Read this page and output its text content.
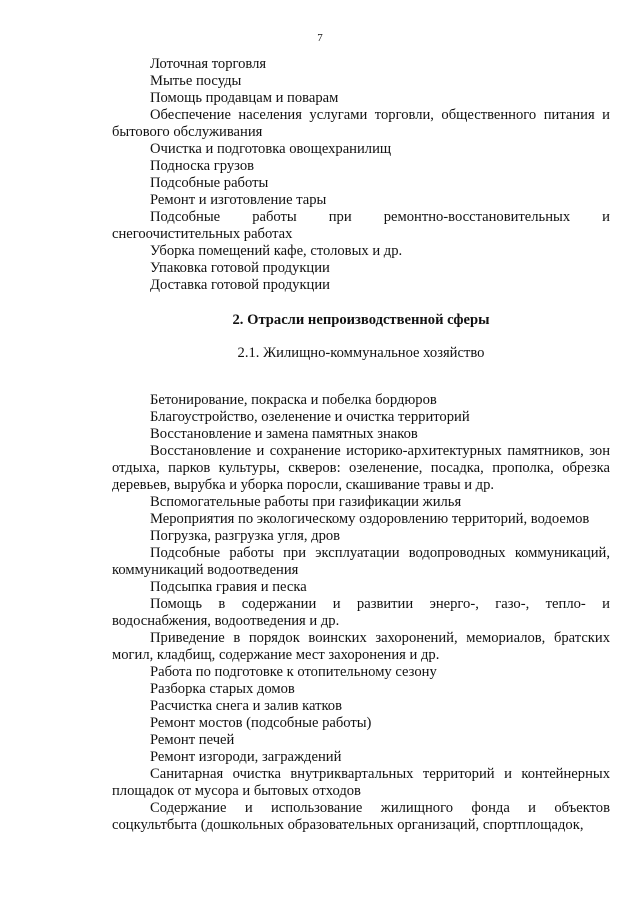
7

Лоточная торговля

Мытье посуды

Помощь продавцам и поварам

Обеспечение населения услугами торговли, общественного питания и бытового обслуживания

Очистка и подготовка овощехранилищ

Подноска грузов

Подсобные работы

Ремонт и изготовление тары

Подсобные работы при ремонтно-восстановительных и снегоочистительных работах

Уборка помещений кафе, столовых и др.

Упаковка готовой продукции

Доставка готовой продукции

2. Отрасли непроизводственной сферы

2.1. Жилищно-коммунальное хозяйство

Бетонирование, покраска и побелка бордюров

Благоустройство, озеленение и очистка территорий

Восстановление и замена памятных знаков

Восстановление и сохранение историко-архитектурных памятников, зон отдыха, парков культуры, скверов: озеленение, посадка, прополка, обрезка деревьев, вырубка и уборка поросли, скашивание травы и др.

Вспомогательные работы при газификации жилья

Мероприятия по экологическому оздоровлению территорий, водоемов

Погрузка, разгрузка угля, дров

Подсобные работы при эксплуатации водопроводных коммуникаций, коммуникаций водоотведения

Подсыпка гравия и песка

Помощь в содержании и развитии энерго-, газо-, тепло- и водоснабжения, водоотведения и др.

Приведение в порядок воинских захоронений, мемориалов, братских могил, кладбищ, содержание мест захоронения и др.

Работа по подготовке к отопительному сезону

Разборка старых домов

Расчистка снега и залив катков

Ремонт мостов (подсобные работы)

Ремонт печей

Ремонт изгороди, заграждений

Санитарная очистка внутриквартальных территорий и контейнерных площадок от мусора и бытовых отходов

Содержание и использование жилищного фонда и объектов соцкультбыта (дошкольных образовательных организаций, спортплощадок,
